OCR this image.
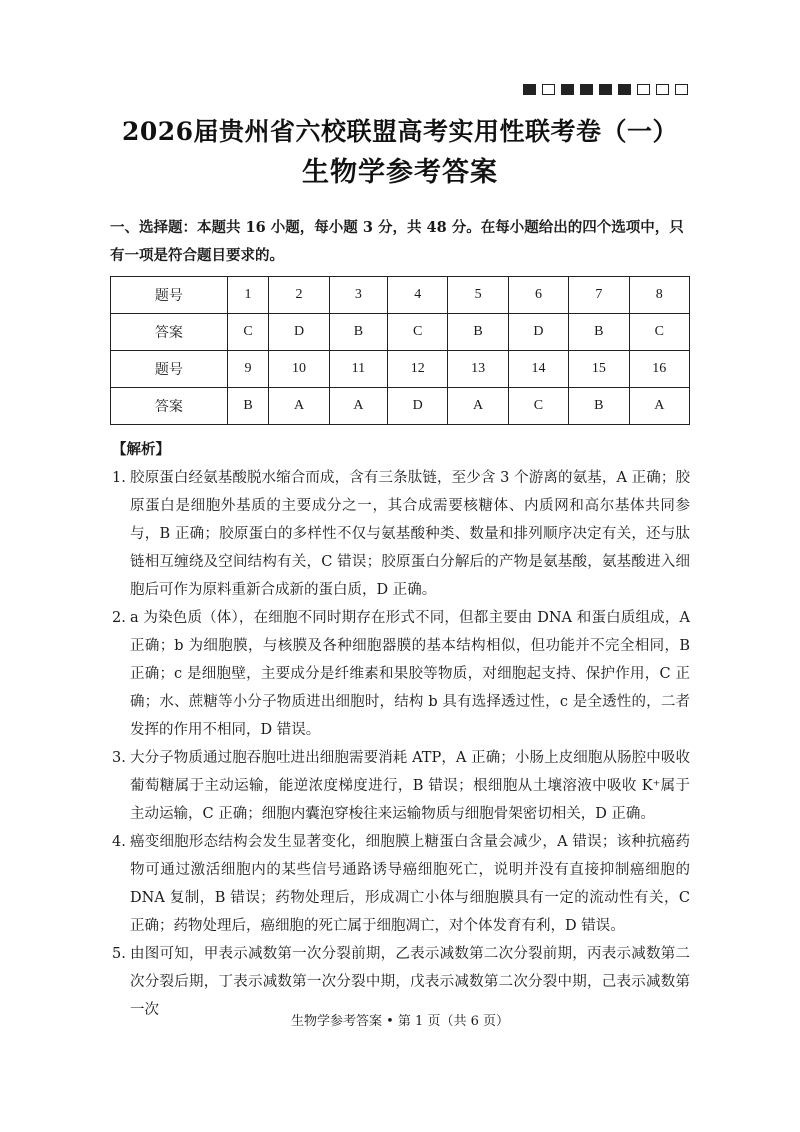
2026届贵州省六校联盟高考实用性联考卷（一）
生物学参考答案
一、选择题：本题共 16 小题，每小题 3 分，共 48 分。在每小题给出的四个选项中，只有一项是符合题目要求的。
题号	1	2	3	4	5	6	7	8
答案	C	D	B	C	B	D	B	C
题号	9	10	11	12	13	14	15	16
答案	B	A	A	D	A	C	B	A
【解析】
1. 胶原蛋白经氨基酸脱水缩合而成，含有三条肽链，至少含 3 个游离的氨基，A 正确；胶原蛋白是细胞外基质的主要成分之一，其合成需要核糖体、内质网和高尔基体共同参与，B 正确；胶原蛋白的多样性不仅与氨基酸种类、数量和排列顺序决定有关，还与肽链相互缠绕及空间结构有关，C 错误；胶原蛋白分解后的产物是氨基酸，氨基酸进入细胞后可作为原料重新合成新的蛋白质，D 正确。
2. a 为染色质（体），在细胞不同时期存在形式不同，但都主要由 DNA 和蛋白质组成，A 正确；b 为细胞膜，与核膜及各种细胞器膜的基本结构相似，但功能并不完全相同，B 正确；c 是细胞壁，主要成分是纤维素和果胶等物质，对细胞起支持、保护作用，C 正确；水、蔗糖等小分子物质进出细胞时，结构 b 具有选择透过性，c 是全透性的，二者发挥的作用不相同，D 错误。
3. 大分子物质通过胞吞胞吐进出细胞需要消耗 ATP，A 正确；小肠上皮细胞从肠腔中吸收葡萄糖属于主动运输，能逆浓度梯度进行，B 错误；根细胞从土壤溶液中吸收 K⁺属于主动运输，C 正确；细胞内囊泡穿梭往来运输物质与细胞骨架密切相关，D 正确。
4. 癌变细胞形态结构会发生显著变化，细胞膜上糖蛋白含量会减少，A 错误；该种抗癌药物可通过激活细胞内的某些信号通路诱导癌细胞死亡，说明并没有直接抑制癌细胞的 DNA 复制，B 错误；药物处理后，形成凋亡小体与细胞膜具有一定的流动性有关，C 正确；药物处理后，癌细胞的死亡属于细胞凋亡，对个体发育有利，D 错误。
5. 由图可知，甲表示减数第一次分裂前期，乙表示减数第二次分裂前期，丙表示减数第二次分裂后期，丁表示减数第一次分裂中期，戊表示减数第二次分裂中期，己表示减数第一次
生物学参考答案 • 第 1 页（共 6 页）
